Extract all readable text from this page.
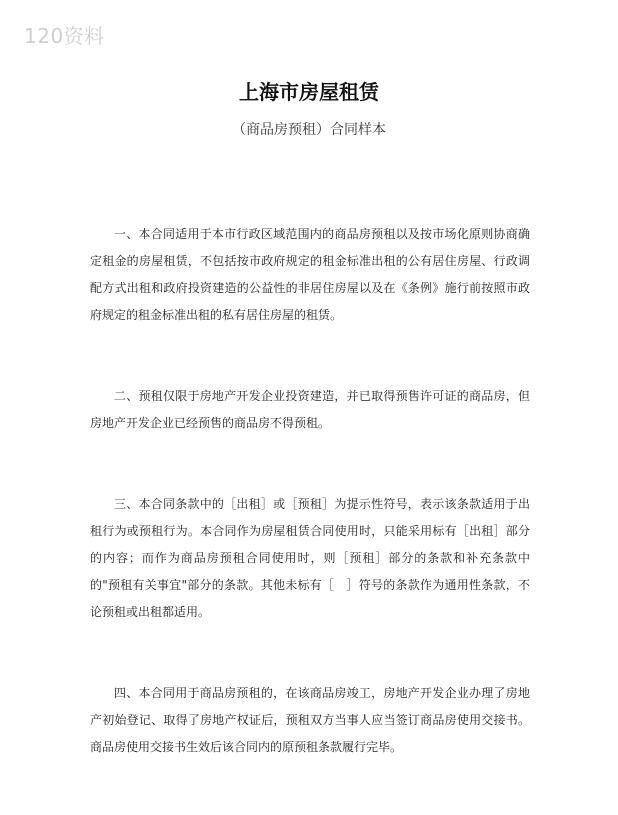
120资料
上海市房屋租赁
（商品房预租）合同样本

一、本合同适用于本市行政区域范围内的商品房预租以及按市场化原则协商确
定租金的房屋租赁，不包括按市政府规定的租金标准出租的公有居住房屋、行政调
配方式出租和政府投资建造的公益性的非居住房屋以及在《条例》施行前按照市政
府规定的租金标准出租的私有居住房屋的租赁。

二、预租仅限于房地产开发企业投资建造，并已取得预售许可证的商品房，但
房地产开发企业已经预售的商品房不得预租。

三、本合同条款中的［出租］或［预租］为提示性符号，表示该条款适用于出
租行为或预租行为。本合同作为房屋租赁合同使用时，只能采用标有［出租］部分
的内容；而作为商品房预租合同使用时，则［预租］部分的条款和补充条款中
的"预租有关事宜"部分的条款。其他未标有［　］符号的条款作为通用性条款，不
论预租或出租都适用。

四、本合同用于商品房预租的，在该商品房竣工，房地产开发企业办理了房地
产初始登记、取得了房地产权证后，预租双方当事人应当签订商品房使用交接书。
商品房使用交接书生效后该合同内的原预租条款履行完毕。
